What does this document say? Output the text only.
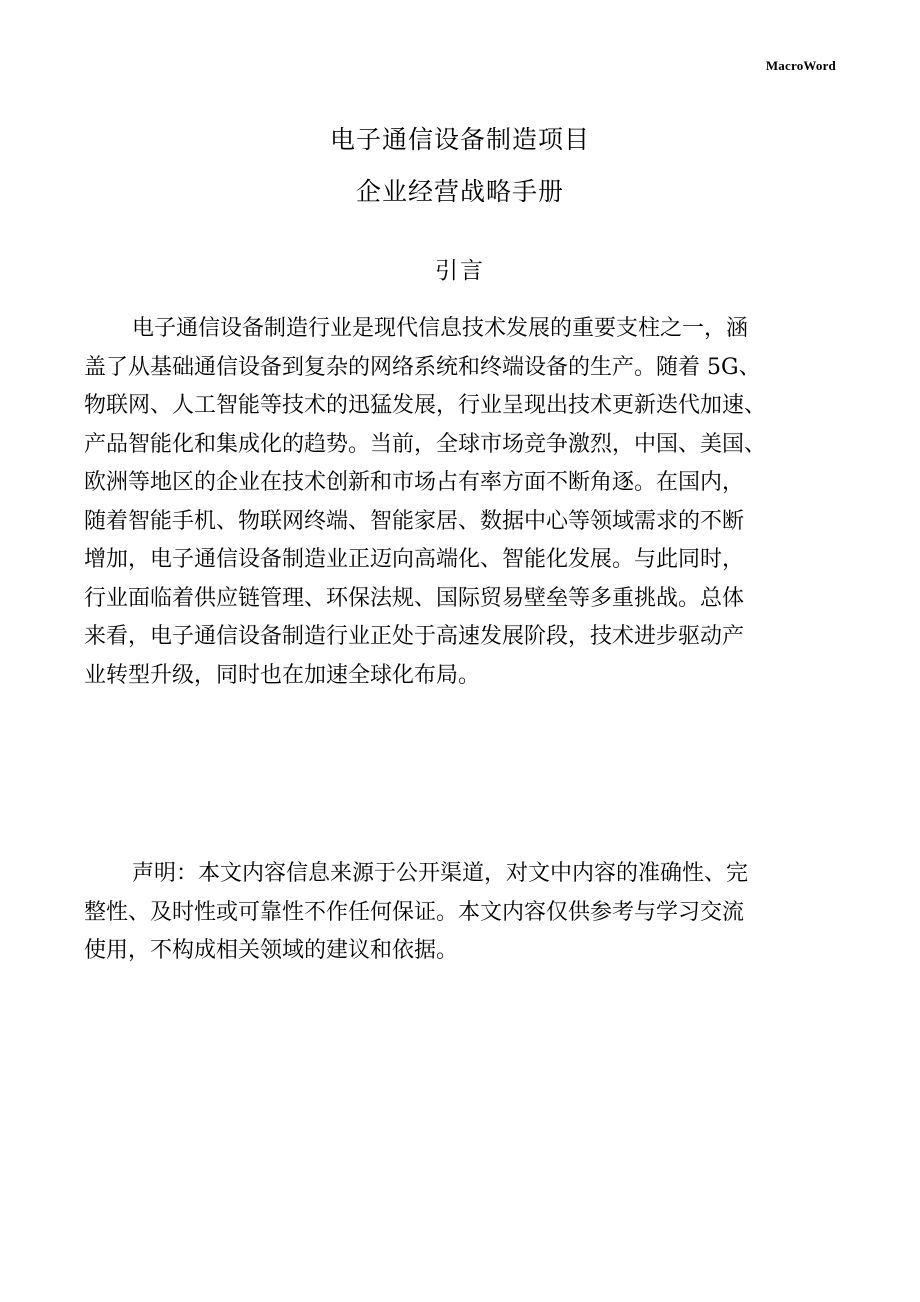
MacroWord
电子通信设备制造项目
企业经营战略手册
引言
电子通信设备制造行业是现代信息技术发展的重要支柱之一，涵
盖了从基础通信设备到复杂的网络系统和终端设备的生产。随着 5G、
物联网、人工智能等技术的迅猛发展，行业呈现出技术更新迭代加速、
产品智能化和集成化的趋势。当前，全球市场竞争激烈，中国、美国、
欧洲等地区的企业在技术创新和市场占有率方面不断角逐。在国内，
随着智能手机、物联网终端、智能家居、数据中心等领域需求的不断
增加，电子通信设备制造业正迈向高端化、智能化发展。与此同时，
行业面临着供应链管理、环保法规、国际贸易壁垒等多重挑战。总体
来看，电子通信设备制造行业正处于高速发展阶段，技术进步驱动产
业转型升级，同时也在加速全球化布局。
声明：本文内容信息来源于公开渠道，对文中内容的准确性、完
整性、及时性或可靠性不作任何保证。本文内容仅供参考与学习交流
使用，不构成相关领域的建议和依据。
